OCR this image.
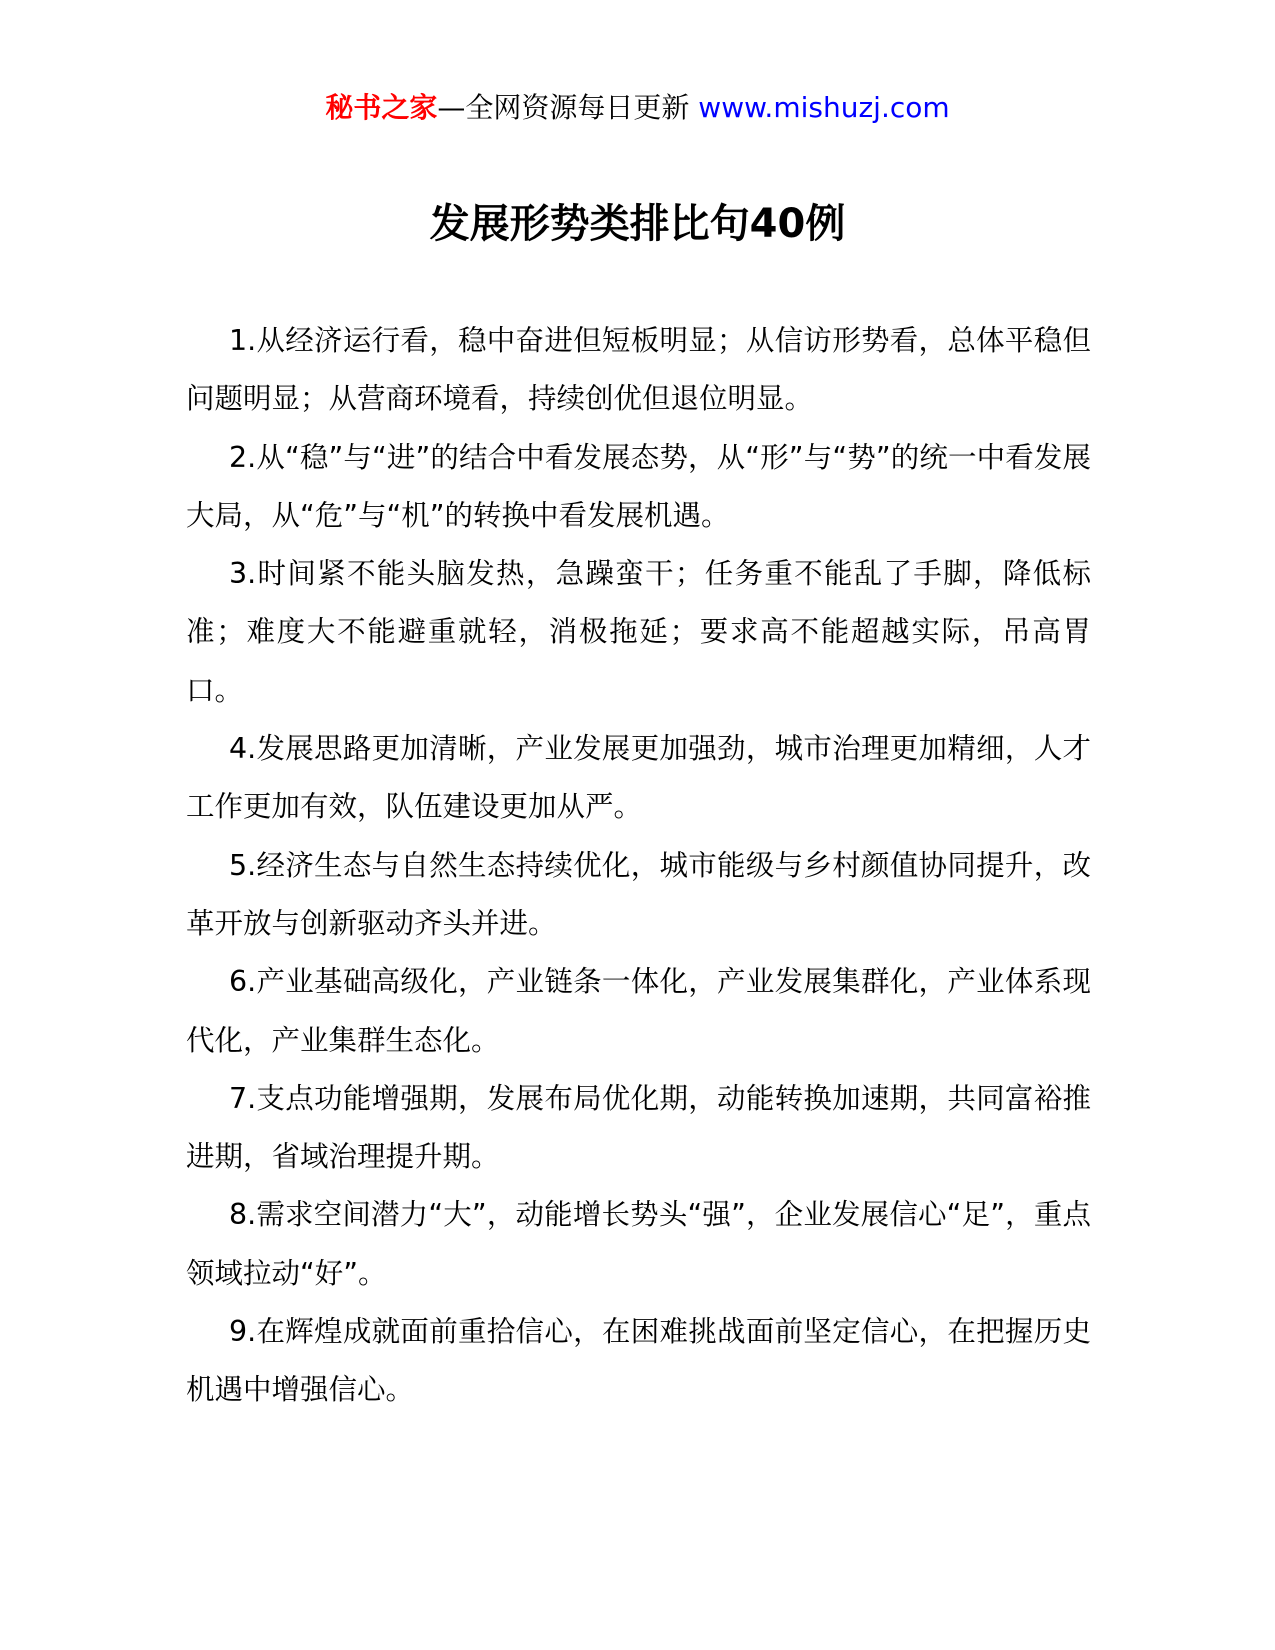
秘书之家—全网资源每日更新 www.mishuzj.com
发展形势类排比句40例

1.从经济运行看，稳中奋进但短板明显；从信访形势看，总体平稳但问题明显；从营商环境看，持续创优但退位明显。

2.从“稳”与“进”的结合中看发展态势，从“形”与“势”的统一中看发展大局，从“危”与“机”的转换中看发展机遇。

3.时间紧不能头脑发热，急躁蛮干；任务重不能乱了手脚，降低标准；难度大不能避重就轻，消极拖延；要求高不能超越实际，吊高胃口。

4.发展思路更加清晰，产业发展更加强劲，城市治理更加精细，人才工作更加有效，队伍建设更加从严。

5.经济生态与自然生态持续优化，城市能级与乡村颜值协同提升，改革开放与创新驱动齐头并进。

6.产业基础高级化，产业链条一体化，产业发展集群化，产业体系现代化，产业集群生态化。

7.支点功能增强期，发展布局优化期，动能转换加速期，共同富裕推进期，省域治理提升期。

8.需求空间潜力“大”，动能增长势头“强”，企业发展信心“足”，重点领域拉动“好”。

9.在辉煌成就面前重拾信心，在困难挑战面前坚定信心，在把握历史机遇中增强信心。
